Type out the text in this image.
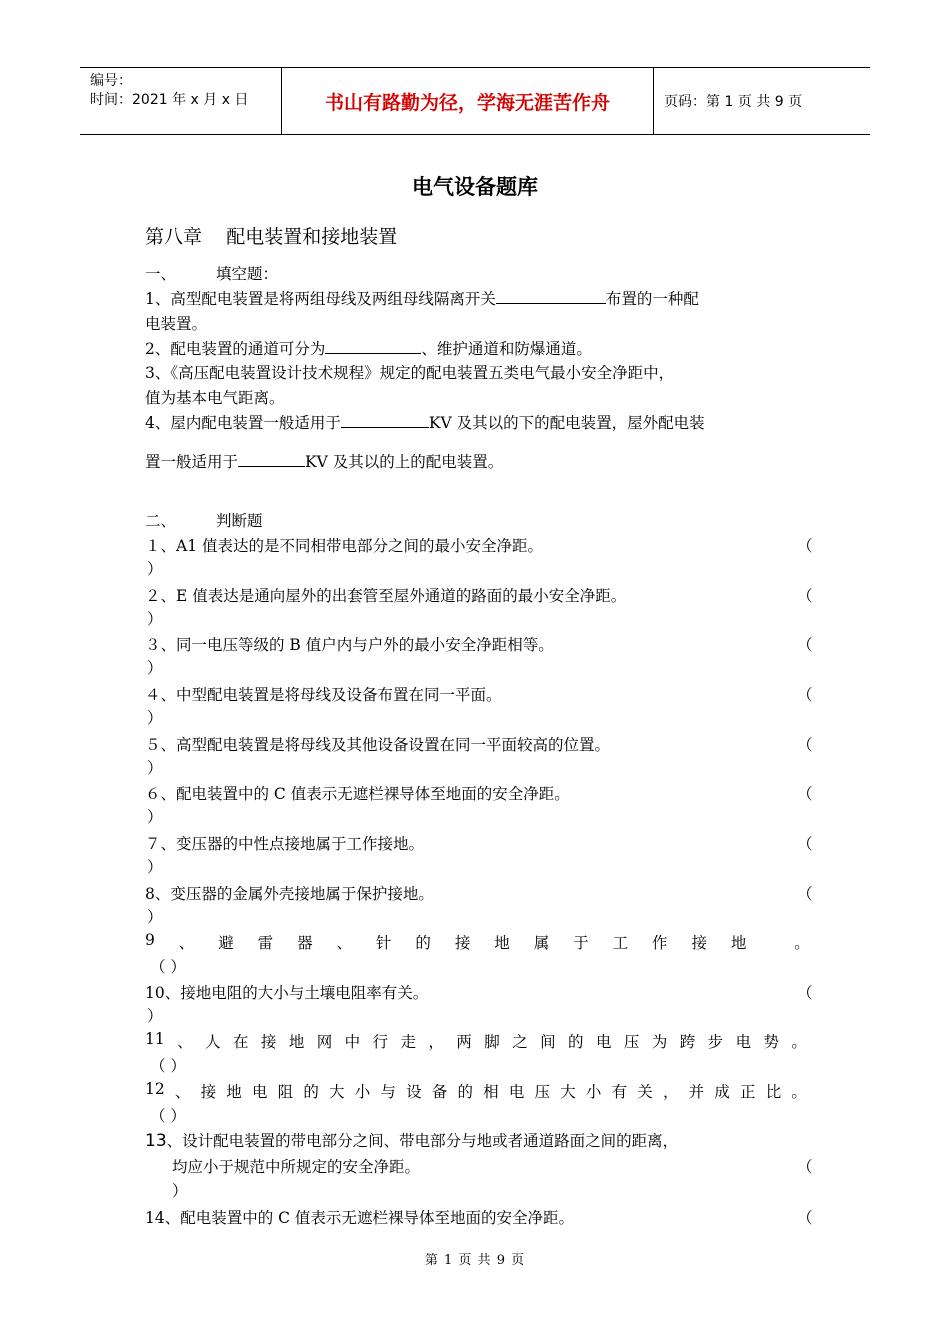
编号：
时间：2021 年 x 月 x 日	书山有路勤为径，学海无涯苦作舟	页码：第 1 页 共 9 页
电气设备题库
第八章 配电装置和接地装置
一、	填空题：
1、高型配电装置是将两组母线及两组母线隔离开关	布置的一种配
电装置。
2、配电装置的通道可分为	、维护通道和防爆通道。
3、《高压配电装置设计技术规程》规定的配电装置五类电气最小安全净距中，
值为基本电气距离。
4、屋内配电装置一般适用于	KV 及其以的下的配电装置，屋外配电装
置一般适用于	KV 及其以的上的配电装置。
二、	判断题
１、A1 值表达的是不同相带电部分之间的最小安全净距。	（
）
２、E 值表达是通向屋外的出套管至屋外通道的路面的最小安全净距。	（
）
３、同一电压等级的 B 值户内与户外的最小安全净距相等。	（
）
４、中型配电装置是将母线及设备布置在同一平面。	（
）
５、高型配电装置是将母线及其他设备设置在同一平面较高的位置。	（
）
６、配电装置中的 C 值表示无遮栏裸导体至地面的安全净距。	（
）
７、变压器的中性点接地属于工作接地。	（
）
8、变压器的金属外壳接地属于保护接地。	（
）
9 、 避 雷 器 、 针 的 接 地 属 于 工 作 接 地	。
（ ）
10、接地电阻的大小与土壤电阻率有关。	（
）
11 、 人 在 接 地 网 中 行 走 ， 两 脚 之 间 的 电 压 为 跨 步 电 势 。
（ ）
12 、 接 地 电 阻 的 大 小 与 设 备 的 相 电 压 大 小 有 关 ， 并 成 正 比 。
（ ）
13、设计配电装置的带电部分之间、带电部分与地或者通道路面之间的距离，
均应小于规范中所规定的安全净距。	（
）
14、配电装置中的 C 值表示无遮栏裸导体至地面的安全净距。	（
第 1 页 共 9 页
